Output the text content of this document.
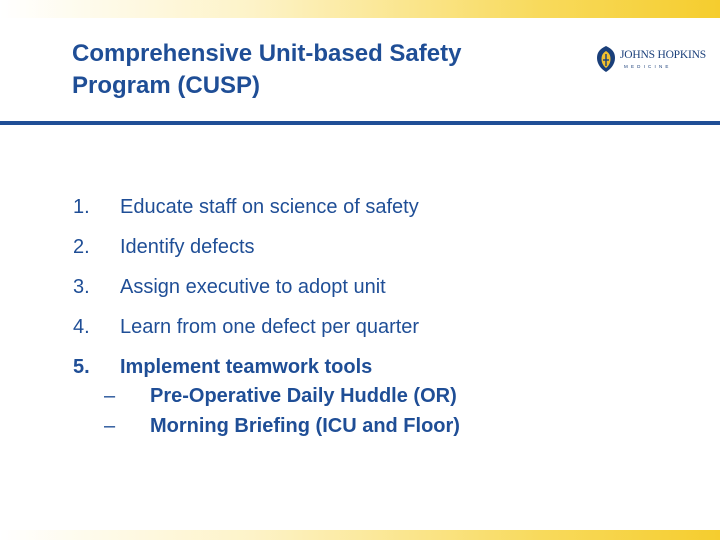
Comprehensive Unit-based Safety
Program (CUSP)
JOHNS HOPKINS
MEDICINE
1. Educate staff on science of safety
2. Identify defects
3. Assign executive to adopt unit
4. Learn from one defect per quarter
5. Implement teamwork tools
– Pre-Operative Daily Huddle (OR)
– Morning Briefing (ICU and Floor)
